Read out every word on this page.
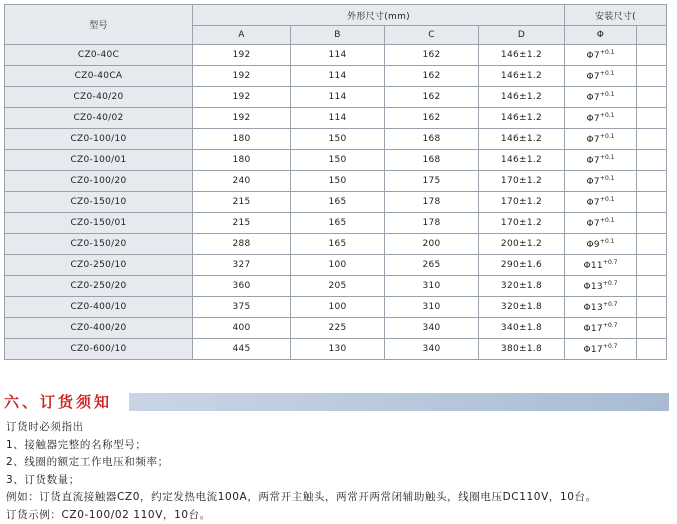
型号	外形尺寸(mm)				安装尺寸(	
	A	B	C	D	Φ	
CZ0-40C	192	114	162	146±1.2	$\Phi 7^{+0.1}$	
CZ0-40CA	192	114	162	146±1.2	$\Phi 7^{+0.1}$	
CZ0-40/20	192	114	162	146±1.2	$\Phi 7^{+0.1}$	
CZ0-40/02	192	114	162	146±1.2	$\Phi 7^{+0.1}$	
CZ0-100/10	180	150	168	146±1.2	$\Phi 7^{+0.1}$	
CZ0-100/01	180	150	168	146±1.2	$\Phi 7^{+0.1}$	
CZ0-100/20	240	150	175	170±1.2	$\Phi 7^{+0.1}$	
CZ0-150/10	215	165	178	170±1.2	$\Phi 7^{+0.1}$	
CZ0-150/01	215	165	178	170±1.2	$\Phi 7^{+0.1}$	
CZ0-150/20	288	165	200	200±1.2	$\Phi 9^{+0.1}$	
CZ0-250/10	327	100	265	290±1.6	$\Phi 11^{+0.7}$	
CZ0-250/20	360	205	310	320±1.8	$\Phi 13^{+0.7}$	
CZ0-400/10	375	100	310	320±1.8	$\Phi 13^{+0.7}$	
CZ0-400/20	400	225	340	340±1.8	$\Phi 17^{+0.7}$	
CZ0-600/10	445	130	340	380±1.8	$\Phi 17^{+0.7}$	
六、订货须知
订货时必须指出
1、接触器完整的名称型号；
2、线圈的额定工作电压和频率；
3、订货数量；
例如：订货直流接触器CZ0，约定发热电流100A，两常开主触头，两常开两常闭辅助触头，线圈电压DC110V，10台。
订货示例：CZ0-100/02 110V，10台。
